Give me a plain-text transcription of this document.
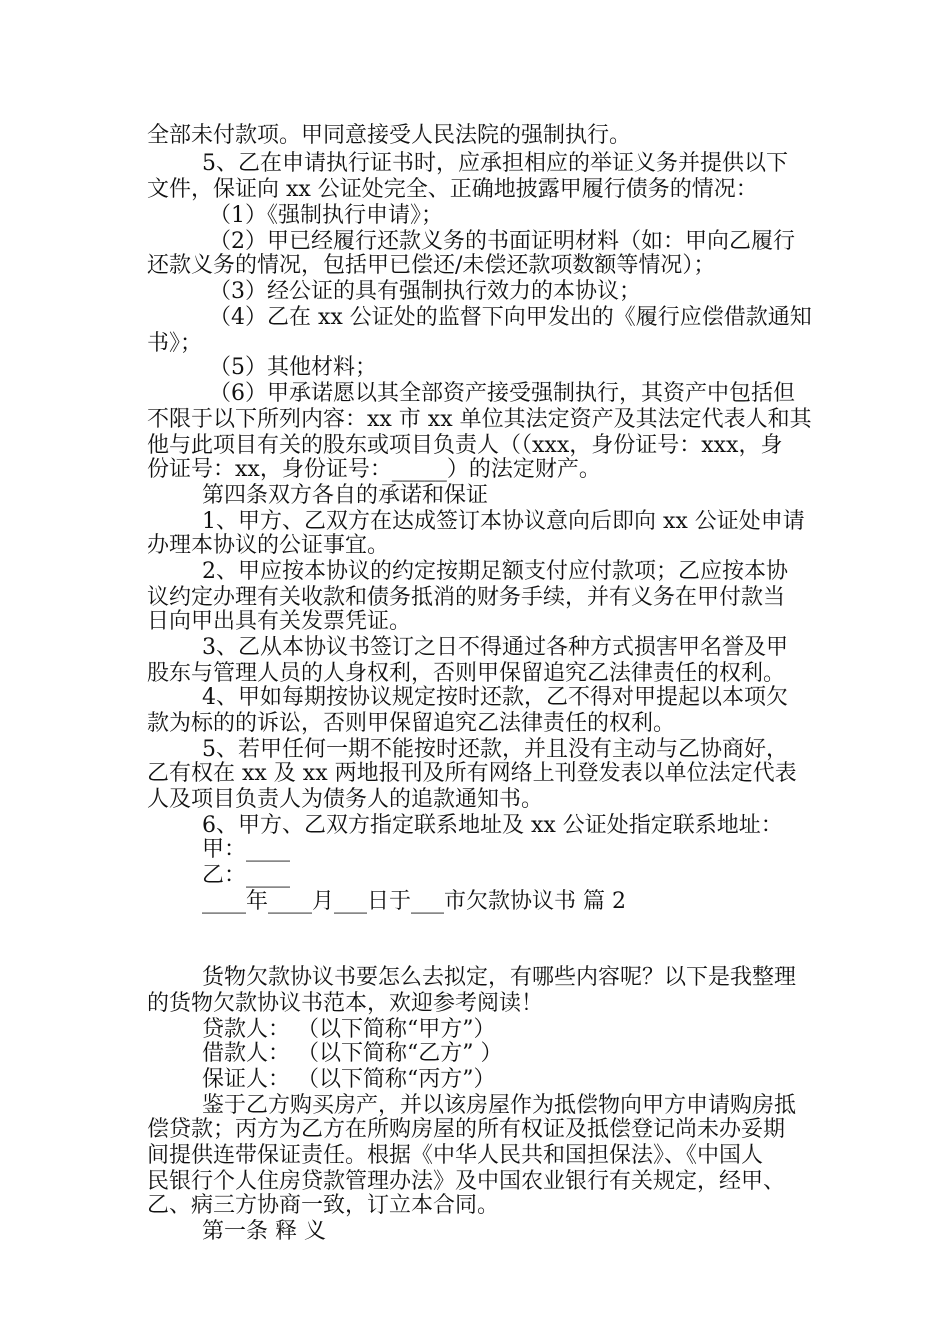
全部未付款项。甲同意接受人民法院的强制执行。
5、乙在申请执行证书时，应承担相应的举证义务并提供以下
文件，保证向 xx 公证处完全、正确地披露甲履行债务的情况：
（1）《强制执行申请》；
（2）甲已经履行还款义务的书面证明材料（如：甲向乙履行
还款义务的情况，包括甲已偿还/未偿还款项数额等情况）；
（3）经公证的具有强制执行效力的本协议；
（4）乙在 xx 公证处的监督下向甲发出的《履行应偿借款通知
书》；
（5）其他材料；
（6）甲承诺愿以其全部资产接受强制执行，其资产中包括但
不限于以下所列内容：xx 市 xx 单位其法定资产及其法定代表人和其
他与此项目有关的股东或项目负责人（（xxx，身份证号：xxx，身
份证号：xx，身份证号：_____）的法定财产。
第四条双方各自的承诺和保证
1、甲方、乙双方在达成签订本协议意向后即向 xx 公证处申请
办理本协议的公证事宜。
2、甲应按本协议的约定按期足额支付应付款项；乙应按本协
议约定办理有关收款和债务抵消的财务手续，并有义务在甲付款当
日向甲出具有关发票凭证。
3、乙从本协议书签订之日不得通过各种方式损害甲名誉及甲
股东与管理人员的人身权利，否则甲保留追究乙法律责任的权利。
4、甲如每期按协议规定按时还款，乙不得对甲提起以本项欠
款为标的的诉讼，否则甲保留追究乙法律责任的权利。
5、若甲任何一期不能按时还款，并且没有主动与乙协商好，
乙有权在 xx 及 xx 两地报刊及所有网络上刊登发表以单位法定代表
人及项目负责人为债务人的追款通知书。
6、甲方、乙双方指定联系地址及 xx 公证处指定联系地址：
甲：____
乙：____
____年____月___日于___市欠款协议书 篇 2
货物欠款协议书要怎么去拟定，有哪些内容呢？以下是我整理
的货物欠款协议书范本，欢迎参考阅读！
贷款人： （以下简称“甲方”）
借款人： （以下简称“乙方” ）
保证人： （以下简称“丙方”）
鉴于乙方购买房产，并以该房屋作为抵偿物向甲方申请购房抵
偿贷款；丙方为乙方在所购房屋的所有权证及抵偿登记尚未办妥期
间提供连带保证责任。根据《中华人民共和国担保法》、《中国人
民银行个人住房贷款管理办法》及中国农业银行有关规定，经甲、
乙、病三方协商一致，订立本合同。
第一条 释 义
